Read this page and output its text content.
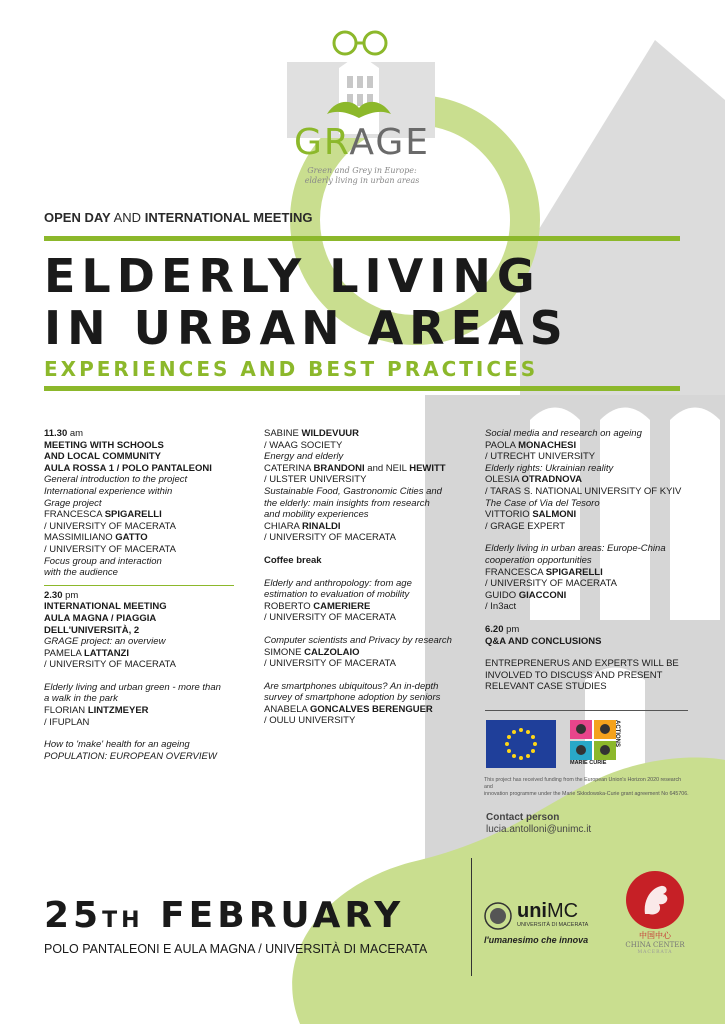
GRAGE
Green and Grey in Europe:
elderly living in urban areas
OPEN DAY AND INTERNATIONAL MEETING
ELDERLY LIVING
IN URBAN AREAS
EXPERIENCES AND BEST PRACTICES

11.30 am

MEETING WITH SCHOOLS

AND LOCAL COMMUNITY

AULA ROSSA 1 / POLO PANTALEONI

General introduction to the project

International experience within

Grage project

FRANCESCA SPIGARELLI

/ UNIVERSITY OF MACERATA

MASSIMILIANO GATTO

/ UNIVERSITY OF MACERATA

Focus group and interaction

with the audience

2.30 pm

INTERNATIONAL MEETING

AULA MAGNA / PIAGGIA DELL'UNIVERSITÀ, 2

GRAGE project: an overview

PAMELA LATTANZI

/ UNIVERSITY OF MACERATA

Elderly living and urban green - more than

a walk in the park

FLORIAN LINTZMEYER

/ IFUPLAN

How to 'make' health for an ageing

POPULATION: EUROPEAN OVERVIEW

SABINE WILDEVUUR

/ WAAG SOCIETY

Energy and elderly

CATERINA BRANDONI and NEIL HEWITT

/ ULSTER UNIVERSITY

Sustainable Food, Gastronomic Cities and

the elderly: main insights from research

and mobility experiences

CHIARA RINALDI

/ UNIVERSITY OF MACERATA

Coffee break

Elderly and anthropology: from age

estimation to evaluation of mobility

ROBERTO CAMERIERE

/ UNIVERSITY OF MACERATA

Computer scientists and Privacy by research

SIMONE CALZOLAIO

/ UNIVERSITY OF MACERATA

Are smartphones ubiquitous? An in-depth

survey of smartphone adoption by seniors

ANABELA GONCALVES BERENGUER

/ OULU UNIVERSITY

Social media and research on ageing

PAOLA MONACHESI

/ UTRECHT UNIVERSITY

Elderly rights: Ukrainian reality

OLESIA OTRADNOVA

/ TARAS S. NATIONAL UNIVERSITY OF KYIV

The Case of Via del Tesoro

VITTORIO SALMONI

/ GRAGE EXPERT

Elderly living in urban areas: Europe-China

cooperation opportunities

FRANCESCA SPIGARELLI

/ UNIVERSITY OF MACERATA

GUIDO GIACCONI

/ In3act

6.20 pm

Q&A AND CONCLUSIONS

ENTREPRENERUS AND EXPERTS WILL BE

INVOLVED TO DISCUSS AND PRESENT

RELEVANT CASE STUDIES

MARIE CURIE
ACTIONS
This project has received funding from the European Union's Horizon 2020 research and
innovation programme under the Marie Skłodowska-Curie grant agreement No 645706.
Contact person
lucia.antolloni@unimc.it
25TH FEBRUARY
POLO PANTALEONI E AULA MAGNA / UNIVERSITÀ DI MACERATA
uniMC
UNIVERSITÀ DI MACERATA
l'umanesimo che innova	中国中心
CHINA CENTER
MACERATA
